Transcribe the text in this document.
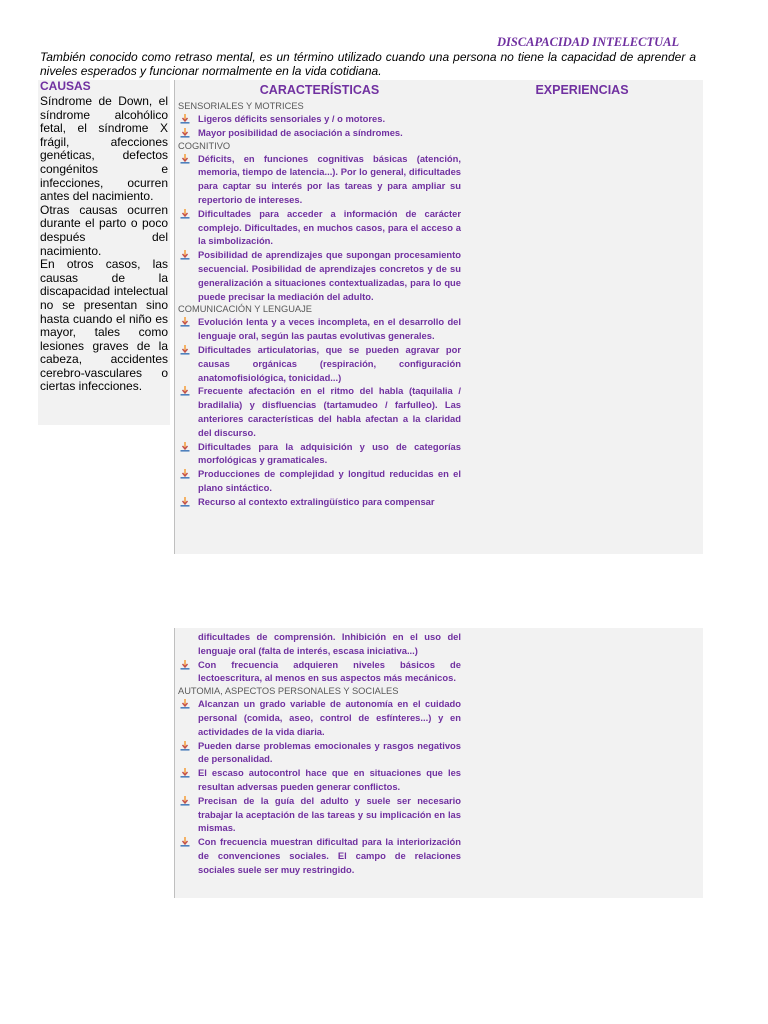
DISCAPACIDAD INTELECTUAL
También conocido como retraso mental, es un término utilizado cuando una persona no tiene la capacidad de aprender a niveles esperados y funcionar normalmente en la vida cotidiana.
CAUSAS

Síndrome de Down, el síndrome alcohólico fetal, el síndrome X frágil, afecciones genéticas, defectos congénitos e infecciones, ocurren antes del nacimiento.

Otras causas ocurren durante el parto o poco después del nacimiento.

En otros casos, las causas de la discapacidad intelectual no se presentan sino hasta cuando el niño es mayor, tales como lesiones graves de la cabeza, accidentes cerebro-vasculares o ciertas infecciones.

CARACTERÍSTICAS
SENSORIALES Y MOTRICES
Ligeros déficits sensoriales y / o motores.
Mayor posibilidad de asociación a síndromes.
COGNITIVO
Déficits, en funciones cognitivas básicas (atención, memoria, tiempo de latencia...). Por lo general, dificultades para captar su interés por las tareas y para ampliar su repertorio de intereses.
Dificultades para acceder a información de carácter complejo. Dificultades, en muchos casos, para el acceso a la simbolización.
Posibilidad de aprendizajes que supongan procesamiento secuencial. Posibilidad de aprendizajes concretos y de su generalización a situaciones contextualizadas, para lo que puede precisar la mediación del adulto.
COMUNICACIÓN Y LENGUAJE
Evolución lenta y a veces incompleta, en el desarrollo del lenguaje oral, según las pautas evolutivas generales.
Dificultades articulatorias, que se pueden agravar por causas orgánicas (respiración, configuración anatomofisiológica, tonicidad...)
Frecuente afectación en el ritmo del habla (taquilalia / bradilalia) y disfluencias (tartamudeo / farfulleo). Las anteriores características del habla afectan a la claridad del discurso.
Dificultades para la adquisición y uso de categorías morfológicas y gramaticales.
Producciones de complejidad y longitud reducidas en el plano sintáctico.
Recurso al contexto extralingüístico para compensar
EXPERIENCIAS
dificultades de comprensión. Inhibición en el uso del lenguaje oral (falta de interés, escasa iniciativa...)
Con frecuencia adquieren niveles básicos de lectoescritura, al menos en sus aspectos más mecánicos.
AUTOMIA, ASPECTOS PERSONALES Y SOCIALES
Alcanzan un grado variable de autonomía en el cuidado personal (comida, aseo, control de esfínteres...) y en actividades de la vida diaria.
Pueden darse problemas emocionales y rasgos negativos de personalidad.
El escaso autocontrol hace que en situaciones que les resultan adversas pueden generar conflictos.
Precisan de la guía del adulto y suele ser necesario trabajar la aceptación de las tareas y su implicación en las mismas.
Con frecuencia muestran dificultad para la interiorización de convenciones sociales. El campo de relaciones sociales suele ser muy restringido.
